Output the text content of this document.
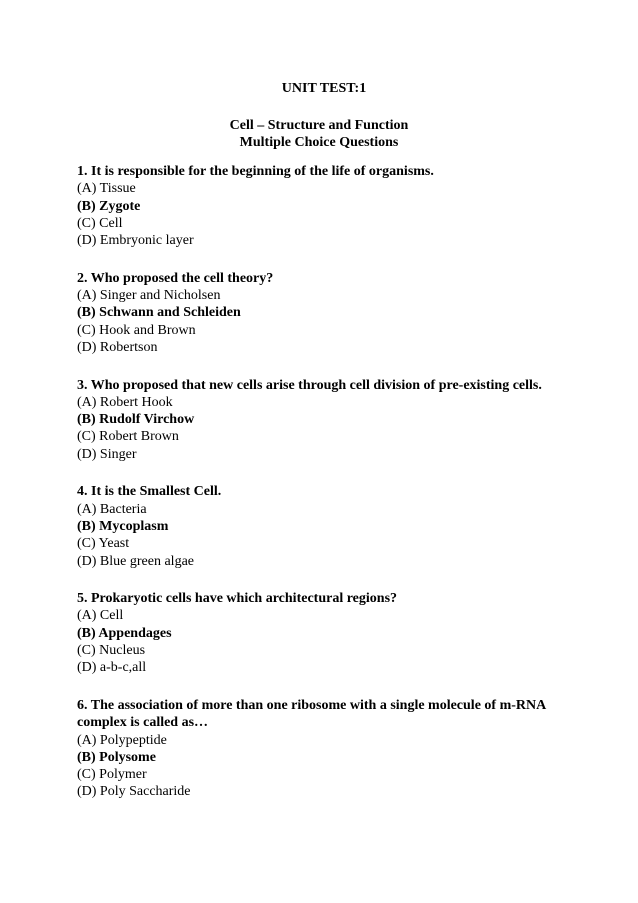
UNIT TEST:1
Cell – Structure and Function
Multiple Choice Questions
1. It is responsible for the beginning of the life of organisms.
(A) Tissue
(B) Zygote
(C) Cell
(D) Embryonic layer
2. Who proposed the cell theory?
(A) Singer and Nicholsen
(B) Schwann and Schleiden
(C) Hook and Brown
(D) Robertson
3. Who proposed that new cells arise through cell division of pre-existing cells.
(A) Robert Hook
(B) Rudolf Virchow
(C) Robert Brown
(D) Singer
4. It is the Smallest Cell.
(A) Bacteria
(B) Mycoplasm
(C) Yeast
(D) Blue green algae
5. Prokaryotic cells have which architectural regions?
(A) Cell
(B) Appendages
(C) Nucleus
(D) a-b-c,all
6. The association of more than one ribosome with a single molecule of m-RNA complex is called as…
(A) Polypeptide
(B) Polysome
(C) Polymer
(D) Poly Saccharide
